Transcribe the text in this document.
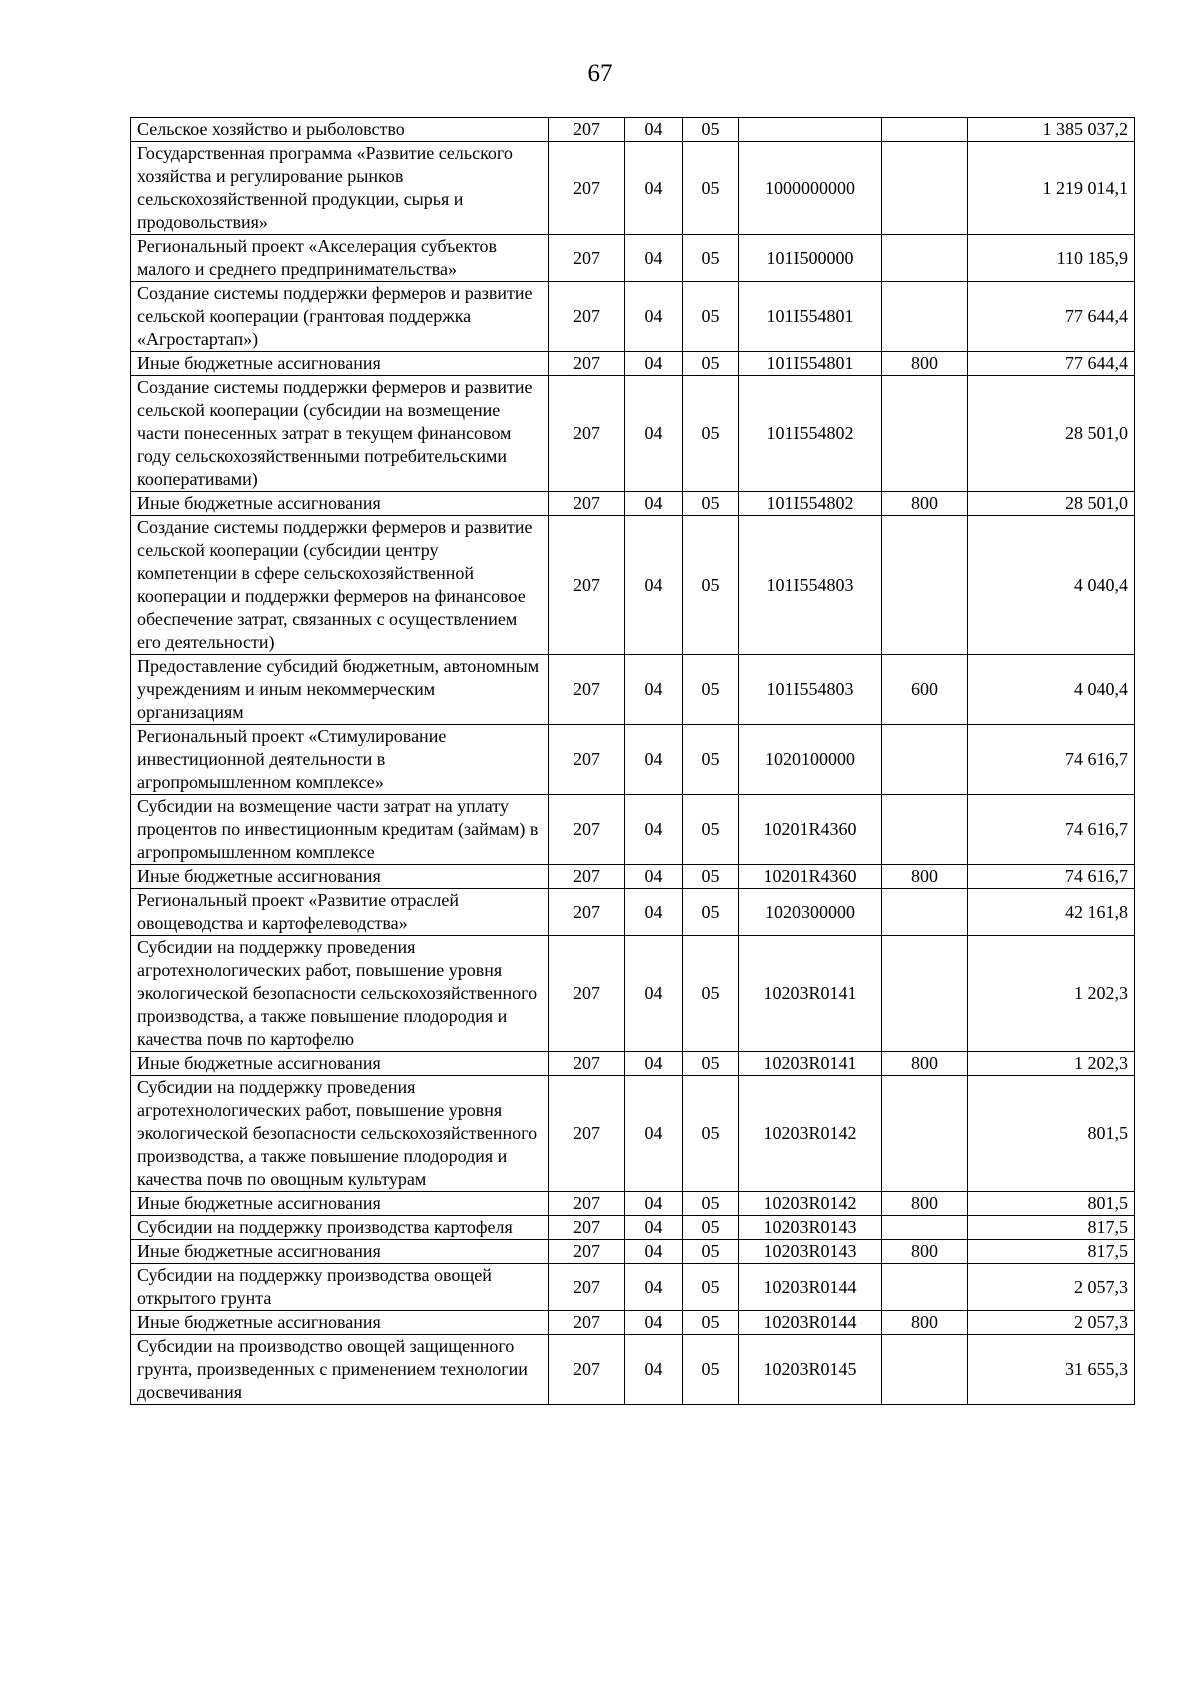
67
Сельское хозяйство и рыболовство	207	04	05			1 385 037,2
Государственная программа «Развитие сельского хозяйства и регулирование рынков сельскохозяйственной продукции, сырья и продовольствия»	207	04	05	1000000000		1 219 014,1
Региональный проект «Акселерация субъектов малого и среднего предпринимательства»	207	04	05	101I500000		110 185,9
Создание системы поддержки фермеров и развитие сельской кооперации (грантовая поддержка «Агростартап»)	207	04	05	101I554801		77 644,4
Иные бюджетные ассигнования	207	04	05	101I554801	800	77 644,4
Создание системы поддержки фермеров и развитие сельской кооперации (субсидии на возмещение части понесенных затрат в текущем финансовом году сельскохозяйственными потребительскими кооперативами)	207	04	05	101I554802		28 501,0
Иные бюджетные ассигнования	207	04	05	101I554802	800	28 501,0
Создание системы поддержки фермеров и развитие сельской кооперации (субсидии центру компетенции в сфере сельскохозяйственной кооперации и поддержки фермеров на финансовое обеспечение затрат, связанных с осуществлением его деятельности)	207	04	05	101I554803		4 040,4
Предоставление субсидий бюджетным, автономным учреждениям и иным некоммерческим организациям	207	04	05	101I554803	600	4 040,4
Региональный проект «Стимулирование инвестиционной деятельности в агропромышленном комплексе»	207	04	05	1020100000		74 616,7
Субсидии на возмещение части затрат на уплату процентов по инвестиционным кредитам (займам) в агропромышленном комплексе	207	04	05	10201R4360		74 616,7
Иные бюджетные ассигнования	207	04	05	10201R4360	800	74 616,7
Региональный проект «Развитие отраслей овощеводства и картофелеводства»	207	04	05	1020300000		42 161,8
Субсидии на поддержку проведения агротехнологических работ, повышение уровня экологической безопасности сельскохозяйственного производства, а также повышение плодородия и качества почв по картофелю	207	04	05	10203R0141		1 202,3
Иные бюджетные ассигнования	207	04	05	10203R0141	800	1 202,3
Субсидии на поддержку проведения агротехнологических работ, повышение уровня экологической безопасности сельскохозяйственного производства, а также повышение плодородия и качества почв по овощным культурам	207	04	05	10203R0142		801,5
Иные бюджетные ассигнования	207	04	05	10203R0142	800	801,5
Субсидии на поддержку производства картофеля	207	04	05	10203R0143		817,5
Иные бюджетные ассигнования	207	04	05	10203R0143	800	817,5
Субсидии на поддержку производства овощей открытого грунта	207	04	05	10203R0144		2 057,3
Иные бюджетные ассигнования	207	04	05	10203R0144	800	2 057,3
Субсидии на производство овощей защищенного грунта, произведенных с применением технологии досвечивания	207	04	05	10203R0145		31 655,3
